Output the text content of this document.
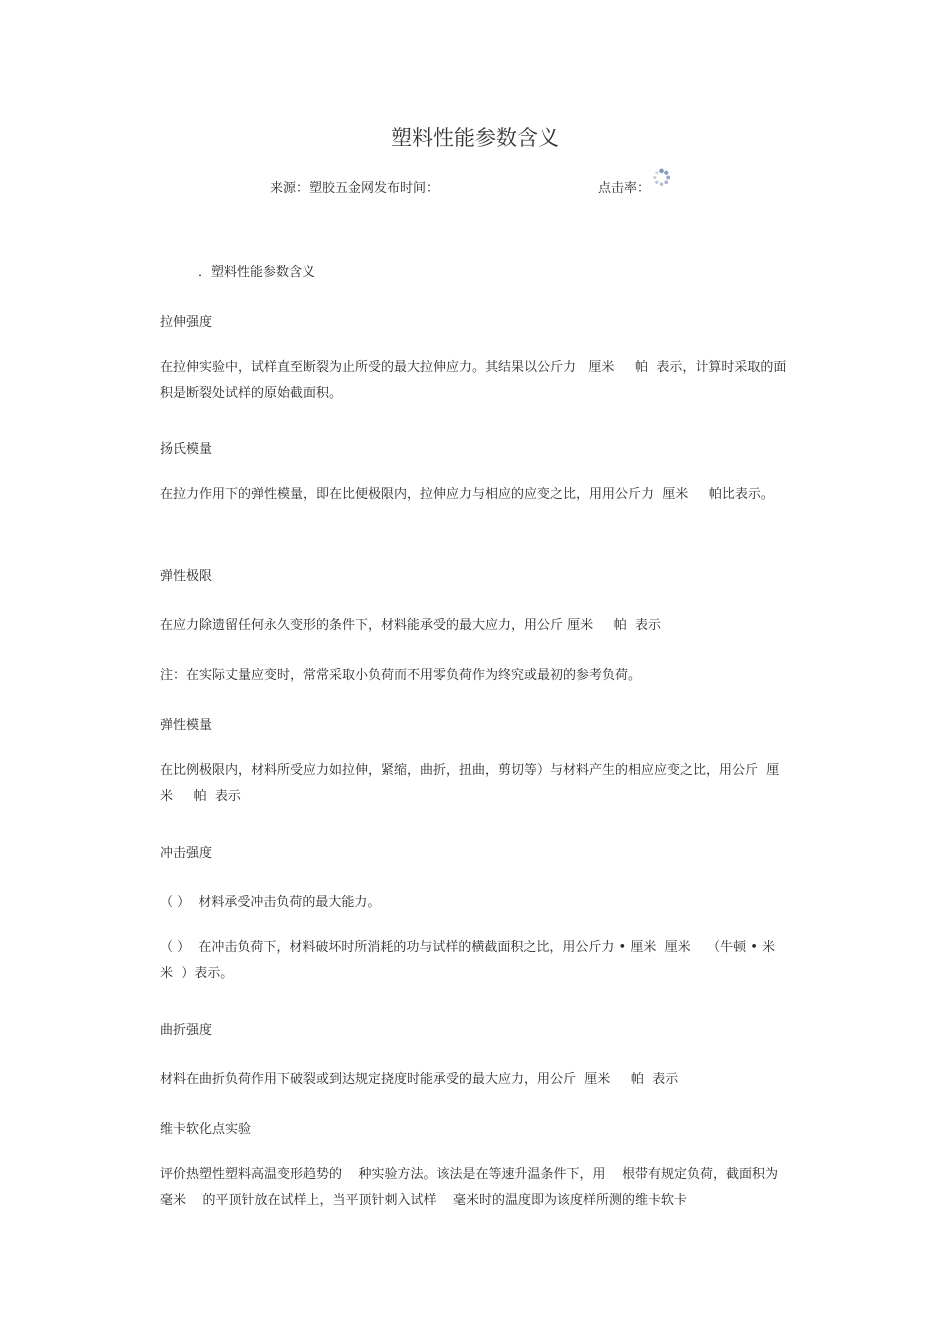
塑料性能参数含义
来源：塑胶五金网发布时间：	点击率：
．塑料性能参数含义
拉伸强度
在拉伸实验中，试样直至断裂为止所受的最大拉伸应力。其结果以公斤力   厘米     帕  表示，计算时采取的面积是断裂处试样的原始截面积。
扬氏模量
在拉力作用下的弹性模量，即在比便极限内，拉伸应力与相应的应变之比，用用公斤力  厘米     帕比表示。
弹性极限
在应力除遗留任何永久变形的条件下，材料能承受的最大应力，用公斤 厘米     帕  表示
注：在实际丈量应变时，常常采取小负荷而不用零负荷作为终究或最初的参考负荷。
弹性模量
在比例极限内，材料所受应力如拉伸，紧缩，曲折，扭曲，剪切等）与材料产生的相应应变之比，用公斤  厘米     帕  表示
冲击强度
（ ）  材料承受冲击负荷的最大能力。
（ ）  在冲击负荷下，材料破坏时所消耗的功与试样的横截面积之比，用公斤力 • 厘米  厘米    （牛顿 • 米  米  ）表示。
曲折强度
材料在曲折负荷作用下破裂或到达规定挠度时能承受的最大应力，用公斤  厘米     帕  表示
维卡软化点实验
评价热塑性塑料高温变形趋势的    种实验方法。该法是在等速升温条件下，用    根带有规定负荷，截面积为    毫米    的平顶针放在试样上，当平顶针刺入试样    毫米时的温度即为该度样所测的维卡软卡
